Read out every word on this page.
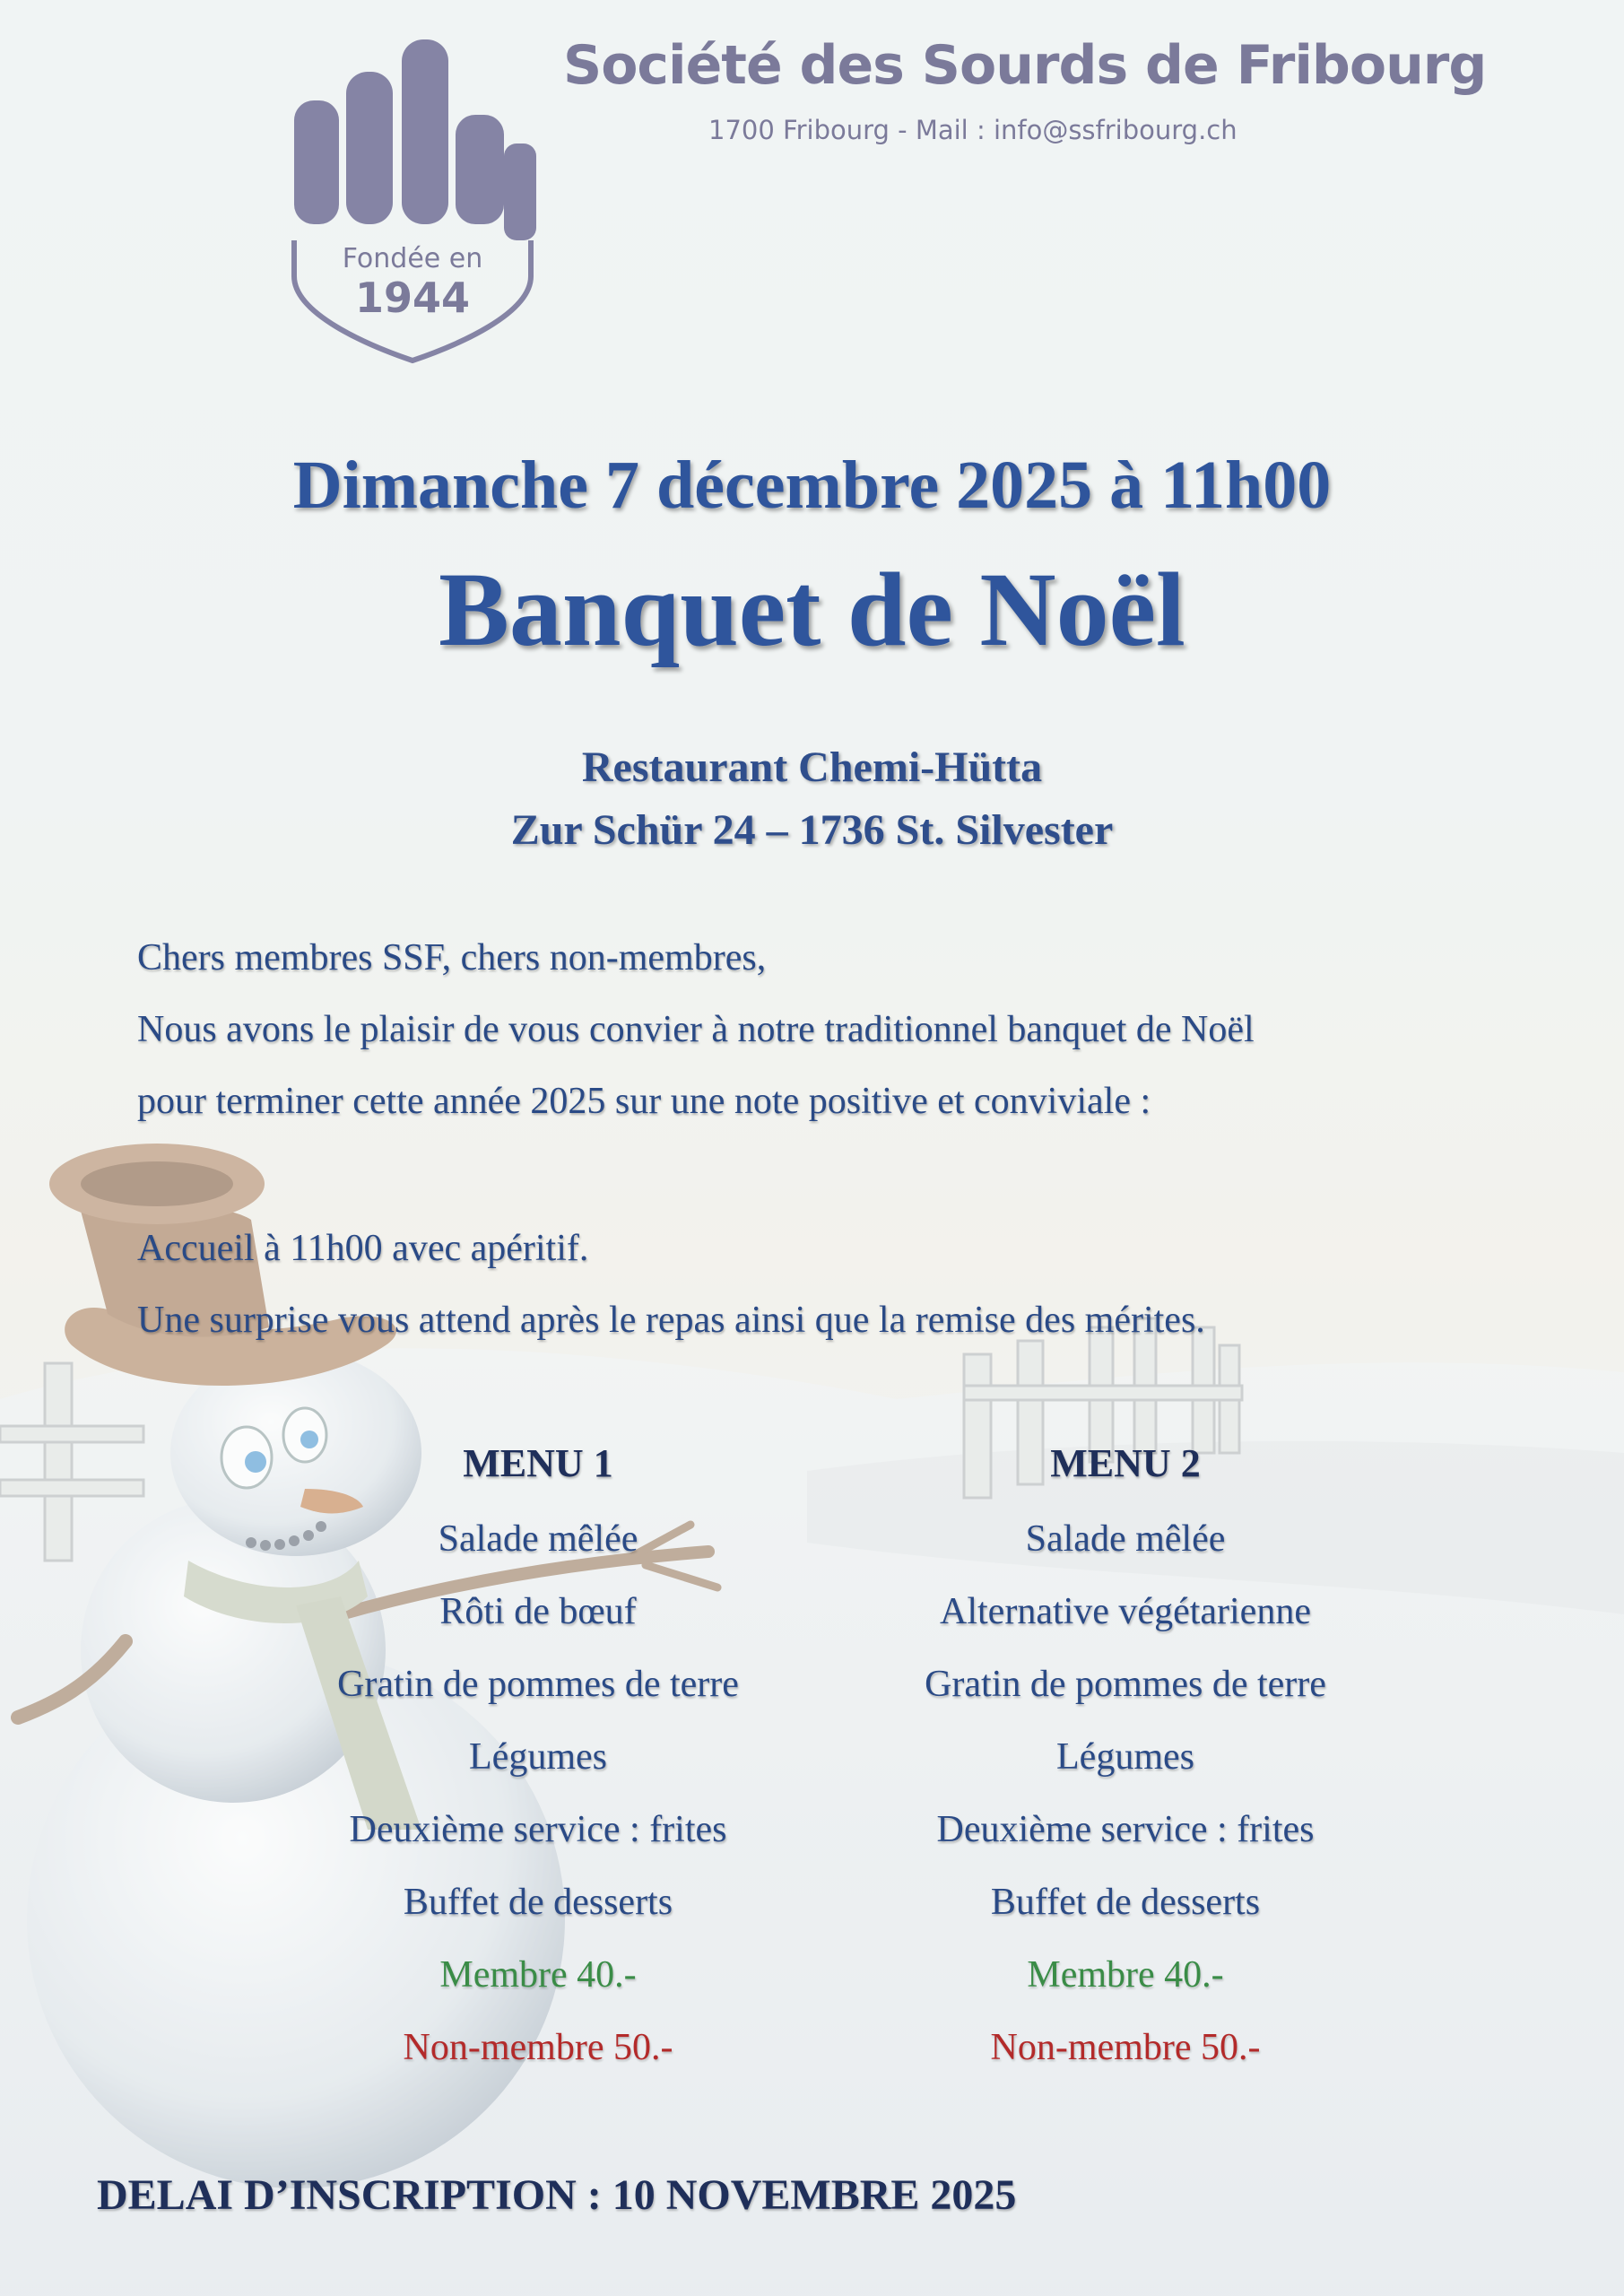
Fondée en
1944
Société des Sourds de Fribourg
1700 Fribourg - Mail : info@ssfribourg.ch
Dimanche 7 décembre 2025 à 11h00
Banquet de Noël
Restaurant Chemi-Hütta
Zur Schür 24 – 1736 St. Silvester
Chers membres SSF, chers non-membres,
Nous avons le plaisir de vous convier à notre traditionnel banquet de Noël
pour terminer cette année 2025 sur une note positive et conviviale :
Accueil à 11h00 avec apéritif.
Une surprise vous attend après le repas ainsi que la remise des mérites.
MENU 1
Salade mêlée
Rôti de bœuf
Gratin de pommes de terre
Légumes
Deuxième service : frites
Buffet de desserts
Membre 40.-
Non-membre 50.-
MENU 2
Salade mêlée
Alternative végétarienne
Gratin de pommes de terre
Légumes
Deuxième service : frites
Buffet de desserts
Membre 40.-
Non-membre 50.-
DELAI D’INSCRIPTION : 10 NOVEMBRE 2025
